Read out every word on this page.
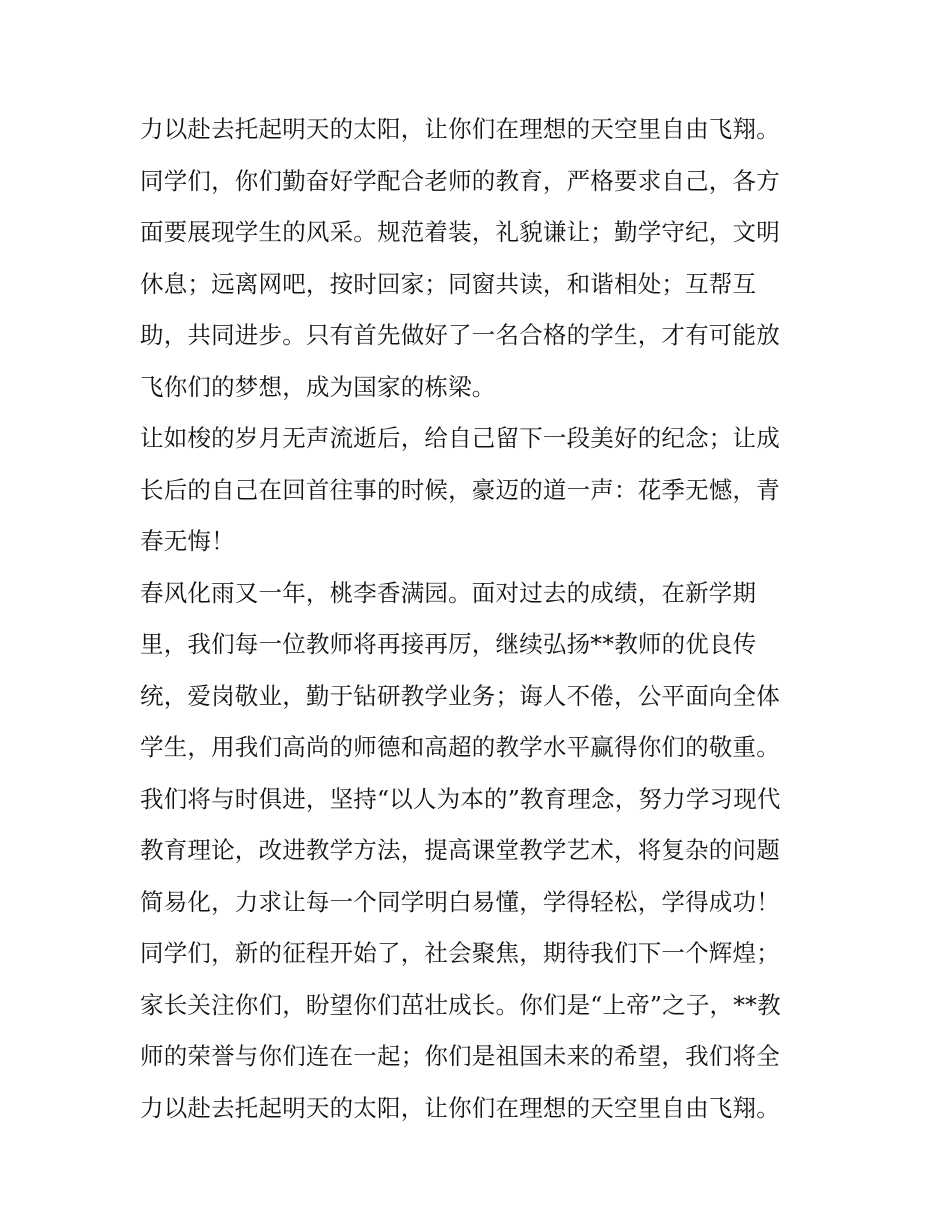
力以赴去托起明天的太阳，让你们在理想的天空里自由飞翔。
同学们，你们勤奋好学配合老师的教育，严格要求自己，各方
面要展现学生的风采。规范着装，礼貌谦让；勤学守纪，文明
休息；远离网吧，按时回家；同窗共读，和谐相处；互帮互
助，共同进步。只有首先做好了一名合格的学生，才有可能放
飞你们的梦想，成为国家的栋梁。
让如梭的岁月无声流逝后，给自己留下一段美好的纪念；让成
长后的自己在回首往事的时候，豪迈的道一声：花季无憾，青
春无悔！
春风化雨又一年，桃李香满园。面对过去的成绩，在新学期
里，我们每一位教师将再接再厉，继续弘扬**教师的优良传
统，爱岗敬业，勤于钻研教学业务；诲人不倦，公平面向全体
学生，用我们高尚的师德和高超的教学水平赢得你们的敬重。
我们将与时俱进，坚持“以人为本的”教育理念，努力学习现代
教育理论，改进教学方法，提高课堂教学艺术，将复杂的问题
简易化，力求让每一个同学明白易懂，学得轻松，学得成功！
同学们，新的征程开始了，社会聚焦，期待我们下一个辉煌；
家长关注你们，盼望你们茁壮成长。你们是“上帝”之子，**教
师的荣誉与你们连在一起；你们是祖国未来的希望，我们将全
力以赴去托起明天的太阳，让你们在理想的天空里自由飞翔。
